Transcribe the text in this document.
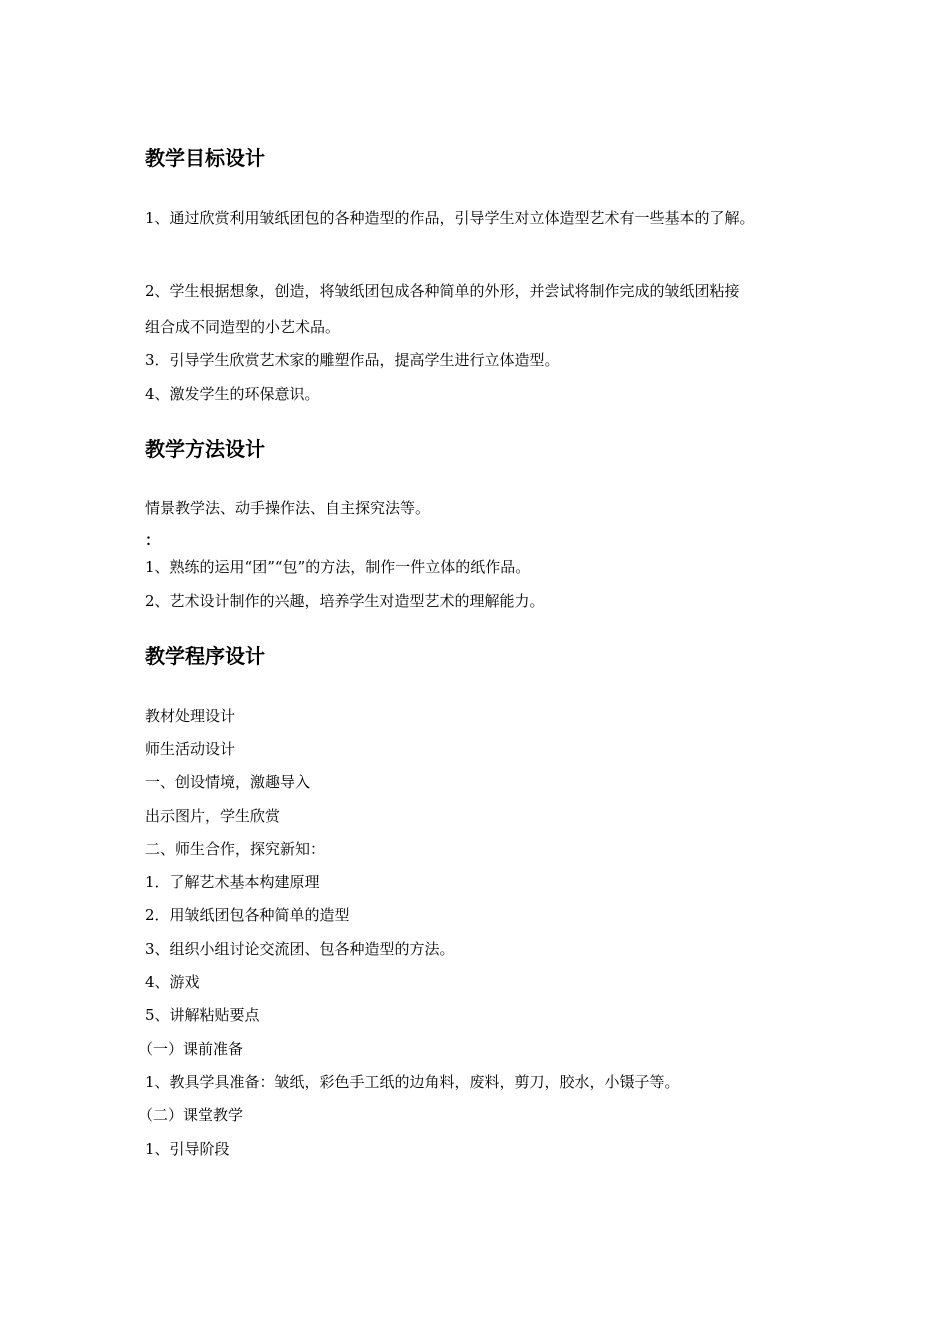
教学目标设计
1、通过欣赏利用皱纸团包的各种造型的作品，引导学生对立体造型艺术有一些基本的了解。
2、学生根据想象，创造，将皱纸团包成各种简单的外形，并尝试将制作完成的皱纸团粘接
组合成不同造型的小艺术品。
3．引导学生欣赏艺术家的雕塑作品，提高学生进行立体造型。
4、激发学生的环保意识。
教学方法设计
情景教学法、动手操作法、自主探究法等。
：
1、熟练的运用“团”“包”的方法，制作一件立体的纸作品。
2、艺术设计制作的兴趣，培养学生对造型艺术的理解能力。
教学程序设计
教材处理设计
师生活动设计
一、创设情境，激趣导入
出示图片，学生欣赏
二、师生合作，探究新知：
1．了解艺术基本构建原理
2．用皱纸团包各种简单的造型
3、组织小组讨论交流团、包各种造型的方法。
4、游戏
5、讲解粘贴要点
（一）课前准备
1、教具学具准备：皱纸，彩色手工纸的边角料，废料，剪刀，胶水，小镊子等。
（二）课堂教学
1、引导阶段
